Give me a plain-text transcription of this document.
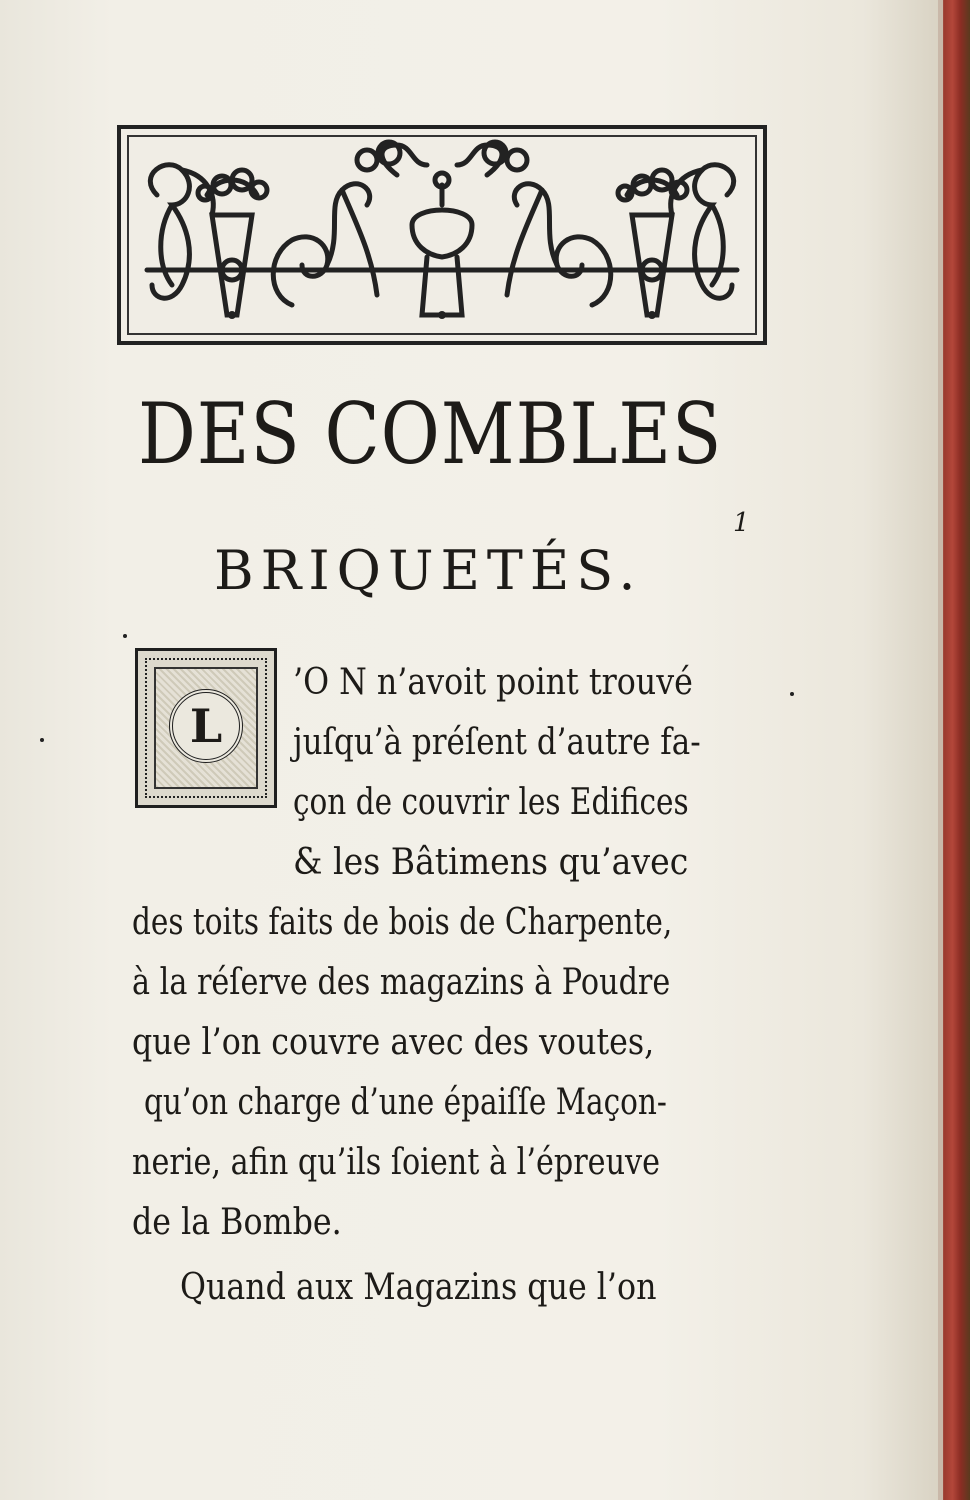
DES COMBLES
1
BRIQUETÉS.
L
’O N n’avoit point trouvé
juſqu’à préſent d’autre fa-
çon de couvrir les Edifices
& les Bâtimens qu’avec
des toits faits de bois de Charpente,
à la réſerve des magazins à Poudre
que l’on couvre avec des voutes,
qu’on charge d’une épaiſſe Maçon-
nerie, afin qu’ils ſoient à l’épreuve
de la Bombe.
Quand aux Magazins que l’on
